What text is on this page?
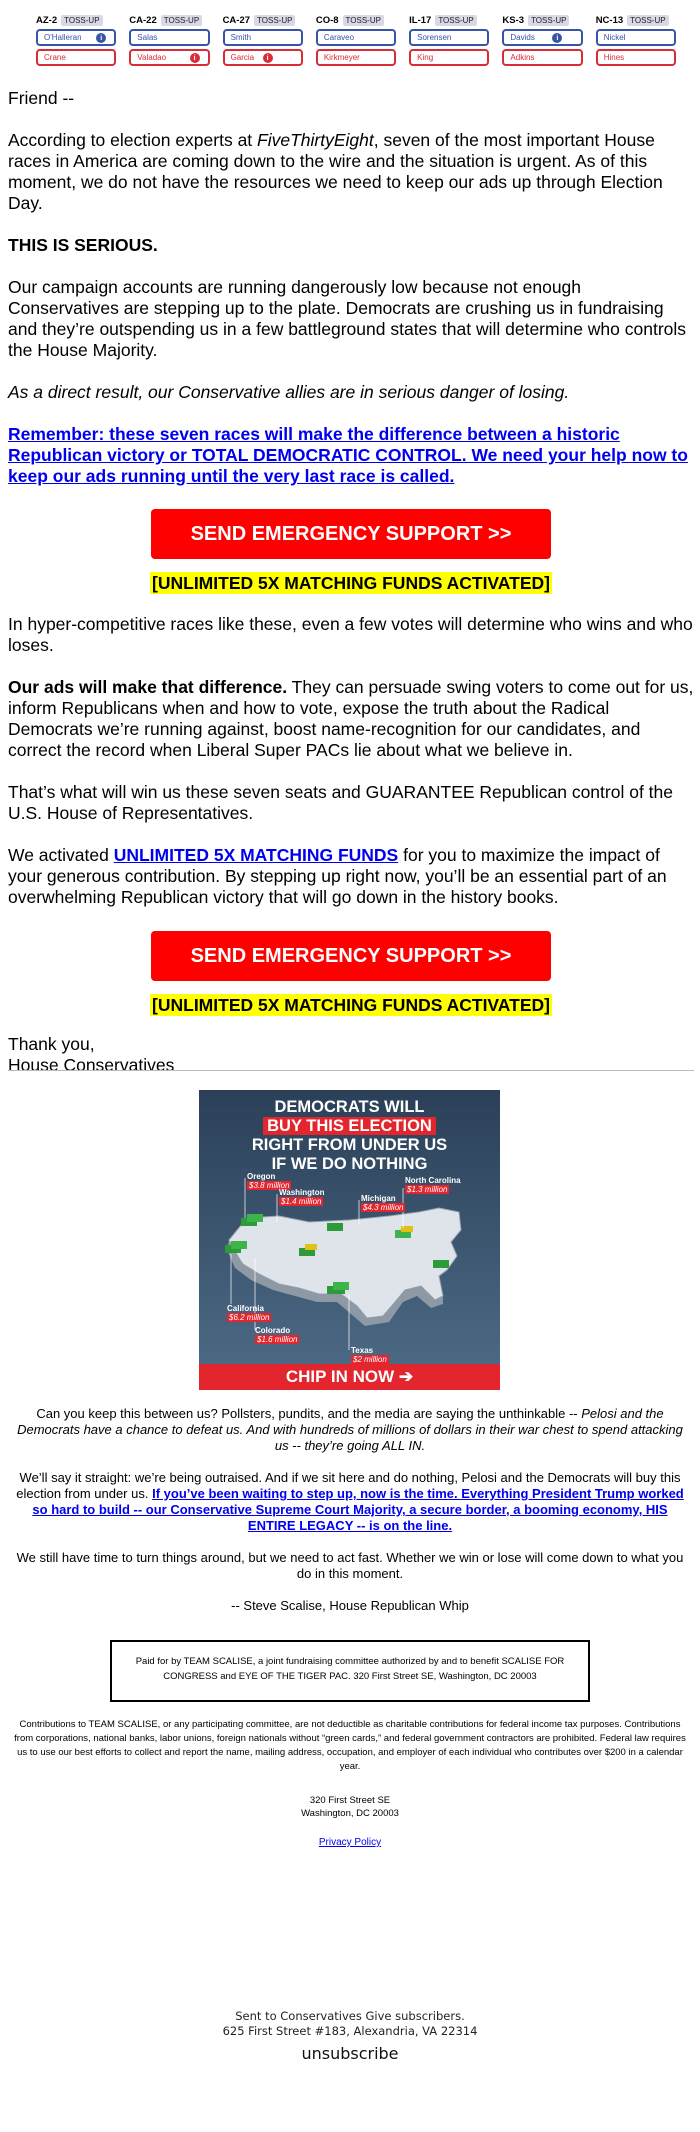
AZ-2 TOSS-UP
O'Halleran	i
Crane
CA-22 TOSS-UP
Salas
Valadao	i
CA-27 TOSS-UP
Smith
Garcia	i
CO-8 TOSS-UP
Caraveo
Kirkmeyer
IL-17 TOSS-UP
Sorensen
King
KS-3 TOSS-UP
Davids	i
Adkins
NC-13 TOSS-UP
Nickel
Hines

Friend --

According to election experts at FiveThirtyEight, seven of the most important House races in America are coming down to the wire and the situation is urgent. As of this moment, we do not have the resources we need to keep our ads up through Election Day.

THIS IS SERIOUS.

Our campaign accounts are running dangerously low because not enough Conservatives are stepping up to the plate. Democrats are crushing us in fundraising and they’re outspending us in a few battleground states that will determine who controls the House Majority.

As a direct result, our Conservative allies are in serious danger of losing.

Remember: these seven races will make the difference between a historic Republican victory or TOTAL DEMOCRATIC CONTROL. We need your help now to keep our ads running until the very last race is called.

SEND EMERGENCY SUPPORT >>
[UNLIMITED 5X MATCHING FUNDS ACTIVATED]

In hyper-competitive races like these, even a few votes will determine who wins and who loses.

Our ads will make that difference. They can persuade swing voters to come out for us, inform Republicans when and how to vote, expose the truth about the Radical Democrats we’re running against, boost name-recognition for our candidates, and correct the record when Liberal Super PACs lie about what we believe in.

That’s what will win us these seven seats and GUARANTEE Republican control of the U.S. House of Representatives.

We activated UNLIMITED 5X MATCHING FUNDS for you to maximize the impact of your generous contribution. By stepping up right now, you’ll be an essential part of an overwhelming Republican victory that will go down in the history books.

SEND EMERGENCY SUPPORT >>
[UNLIMITED 5X MATCHING FUNDS ACTIVATED]
Thank you,
House Conservatives
DEMOCRATS WILL
BUY THIS ELECTION
RIGHT FROM UNDER US
IF WE DO NOTHING
Oregon
$3.8 million
Washington
$1.4 million
North Carolina
$1.3 million
Michigan
$4.3 million
California
$6.2 million
Colorado
$1.6 million
Texas
$2 million
CHIP IN NOW ➔

Can you keep this between us? Pollsters, pundits, and the media are saying the unthinkable -- Pelosi and the Democrats have a chance to defeat us. And with hundreds of millions of dollars in their war chest to spend attacking us -- they’re going ALL IN.

We’ll say it straight: we’re being outraised. And if we sit here and do nothing, Pelosi and the Democrats will buy this election from under us. If you’ve been waiting to step up, now is the time. Everything President Trump worked so hard to build -- our Conservative Supreme Court Majority, a secure border, a booming economy, HIS ENTIRE LEGACY -- is on the line.

We still have time to turn things around, but we need to act fast. Whether we win or lose will come down to what you do in this moment.

-- Steve Scalise, House Republican Whip

Paid for by TEAM SCALISE, a joint fundraising committee authorized by and to benefit SCALISE FOR CONGRESS and EYE OF THE TIGER PAC. 320 First Street SE, Washington, DC 20003
Contributions to TEAM SCALISE, or any participating committee, are not deductible as charitable contributions for federal income tax purposes. Contributions from corporations, national banks, labor unions, foreign nationals without “green cards,” and federal government contractors are prohibited. Federal law requires us to use our best efforts to collect and report the name, mailing address, occupation, and employer of each individual who contributes over $200 in a calendar year.
320 First Street SE
Washington, DC 20003
Privacy Policy
Sent to Conservatives Give subscribers.
625 First Street #183, Alexandria, VA 22314
unsubscribe
